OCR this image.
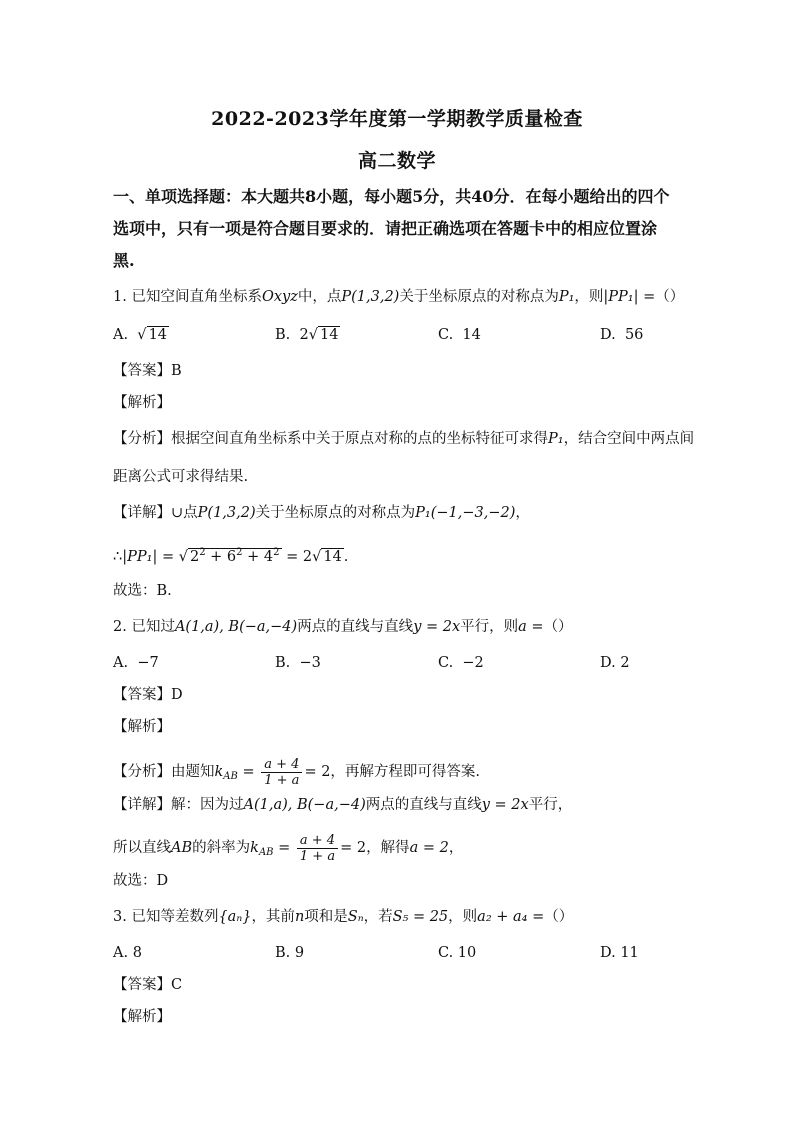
2022-2023学年度第一学期教学质量检查
高二数学
一、单项选择题：本大题共8小题，每小题5分，共40分．在每小题给出的四个
选项中，只有一项是符合题目要求的．请把正确选项在答题卡中的相应位置涂
黑.
1. 已知空间直角坐标系Oxyz中，点P(1,3,2)关于坐标原点的对称点为P₁，则|PP₁| =（）
A.  √ 14	B. 2√ 14	C. 14	D. 56
【答案】B
【解析】
【分析】根据空间直角坐标系中关于原点对称的点的坐标特征可求得P₁，结合空间中两点间
距离公式可求得结果.
【详解】∪点P(1,3,2)关于坐标原点的对称点为P₁(−1,−3,−2)，
∴|PP₁| = √ $2^2 + 6^2 + 4^2 = 2√$ 14 .
故选：B.
2. 已知过A(1,a), B(−a,−4)两点的直线与直线y = 2x平行，则a =（）
A. −7	B. −3	C. −2	D. 2
【答案】D
【解析】
【分析】由题知$k_{AB} = \frac{a + 4}{1 + a} = 2$，再解方程即可得答案.
【详解】解：因为过A(1,a), B(−a,−4)两点的直线与直线y = 2x平行，
所以直线AB的斜率为$k_{AB} = \frac{a + 4}{1 + a} = 2$，解得a = 2，
故选：D
3. 已知等差数列{aₙ}，其前n项和是Sₙ，若S₅ = 25，则a₂ + a₄ =（）
A. 8	B. 9	C. 10	D. 11
【答案】C
【解析】
